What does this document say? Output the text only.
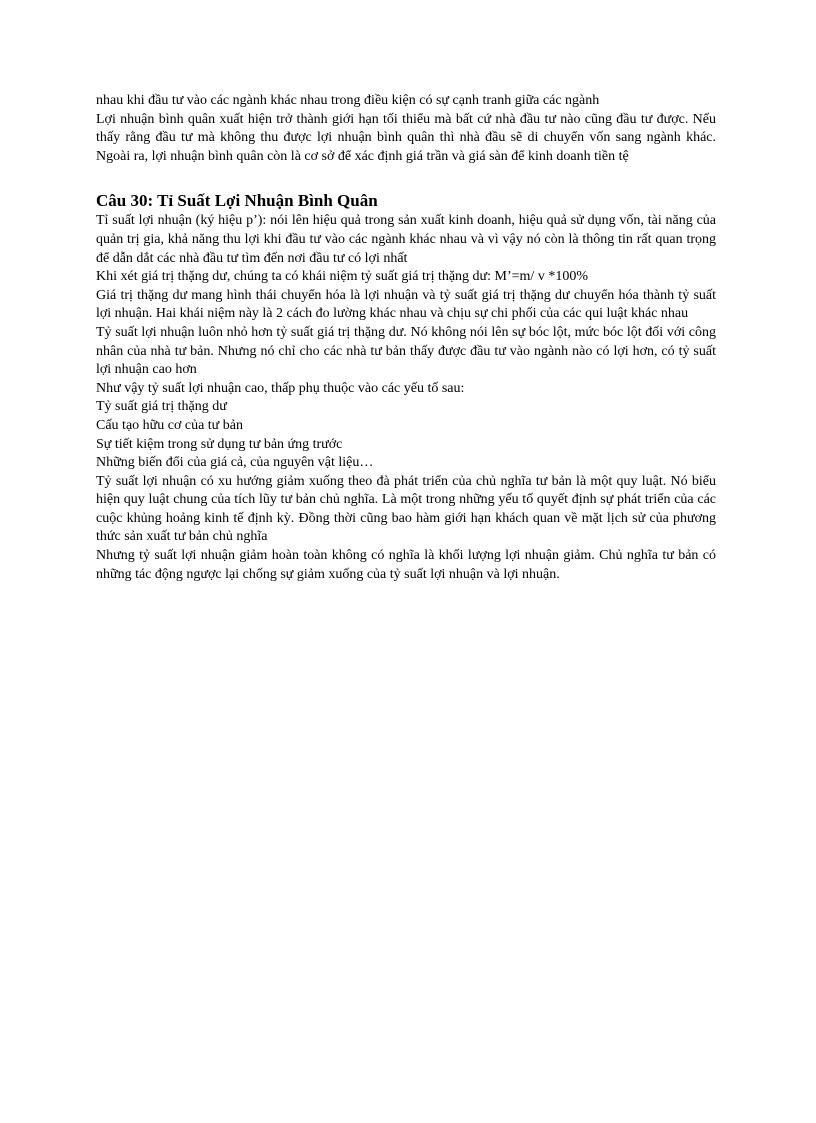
nhau khi đầu tư vào các ngành khác nhau trong điều kiện có sự cạnh tranh giữa các ngành

Lợi nhuận bình quân xuất hiện trở thành giới hạn tối thiểu mà bất cứ nhà đầu tư nào cũng đầu tư được. Nếu thấy rằng đầu tư mà không thu được lợi nhuận bình quân thì nhà đầu sẽ di chuyển vốn sang ngành khác. Ngoài ra, lợi nhuận bình quân còn là cơ sở để xác định giá trần và giá sàn để kinh doanh tiền tệ

Câu 30: Tỉ Suất Lợi Nhuận Bình Quân

Tỉ suất lợi nhuận (ký hiệu p’): nói lên hiệu quả trong sản xuất kinh doanh, hiệu quả sử dụng vốn, tài năng của quản trị gia, khả năng thu lợi khi đầu tư vào các ngành khác nhau và vì vậy nó còn là thông tin rất quan trọng để dẫn dắt các nhà đầu tư tìm đến nơi đầu tư có lợi nhất

Khi xét giá trị thặng dư, chúng ta có khái niệm tỷ suất giá trị thặng dư: M’=m/ v *100%

Giá trị thặng dư mang hình thái chuyển hóa là lợi nhuận và tỷ suất giá trị thặng dư chuyển hóa thành tỷ suất lợi nhuận. Hai khái niệm này là 2 cách đo lường khác nhau và chịu sự chi phối của các qui luật khác nhau

Tỷ suất lợi nhuận luôn nhỏ hơn tỷ suất giá trị thặng dư. Nó không nói lên sự bóc lột, mức bóc lột đối với công nhân của nhà tư bản. Nhưng nó chỉ cho các nhà tư bản thấy được đầu tư vào ngành nào có lợi hơn, có tỷ suất lợi nhuận cao hơn

Như vậy tỷ suất lợi nhuận cao, thấp phụ thuộc vào các yếu tố sau:

Tỷ suất giá trị thặng dư

Cấu tạo hữu cơ của tư bản

Sự tiết kiệm trong sử dụng tư bản ứng trước

Những biến đổi của giá cả, của nguyên vật liệu…

Tỷ suất lợi nhuận có xu hướng giảm xuống theo đà phát triển của chủ nghĩa tư bản là một quy luật. Nó biểu hiện quy luật chung của tích lũy tư bản chủ nghĩa. Là một trong những yếu tố quyết định sự phát triển của các cuộc khủng hoảng kinh tế định kỳ. Đồng thời cũng bao hàm giới hạn khách quan về mặt lịch sử của phương thức sản xuất tư bản chủ nghĩa

Nhưng tỷ suất lợi nhuận giảm hoàn toàn không có nghĩa là khối lượng lợi nhuận giảm. Chủ nghĩa tư bản có những tác động ngược lại chống sự giảm xuống của tỷ suất lợi nhuận và lợi nhuận.
